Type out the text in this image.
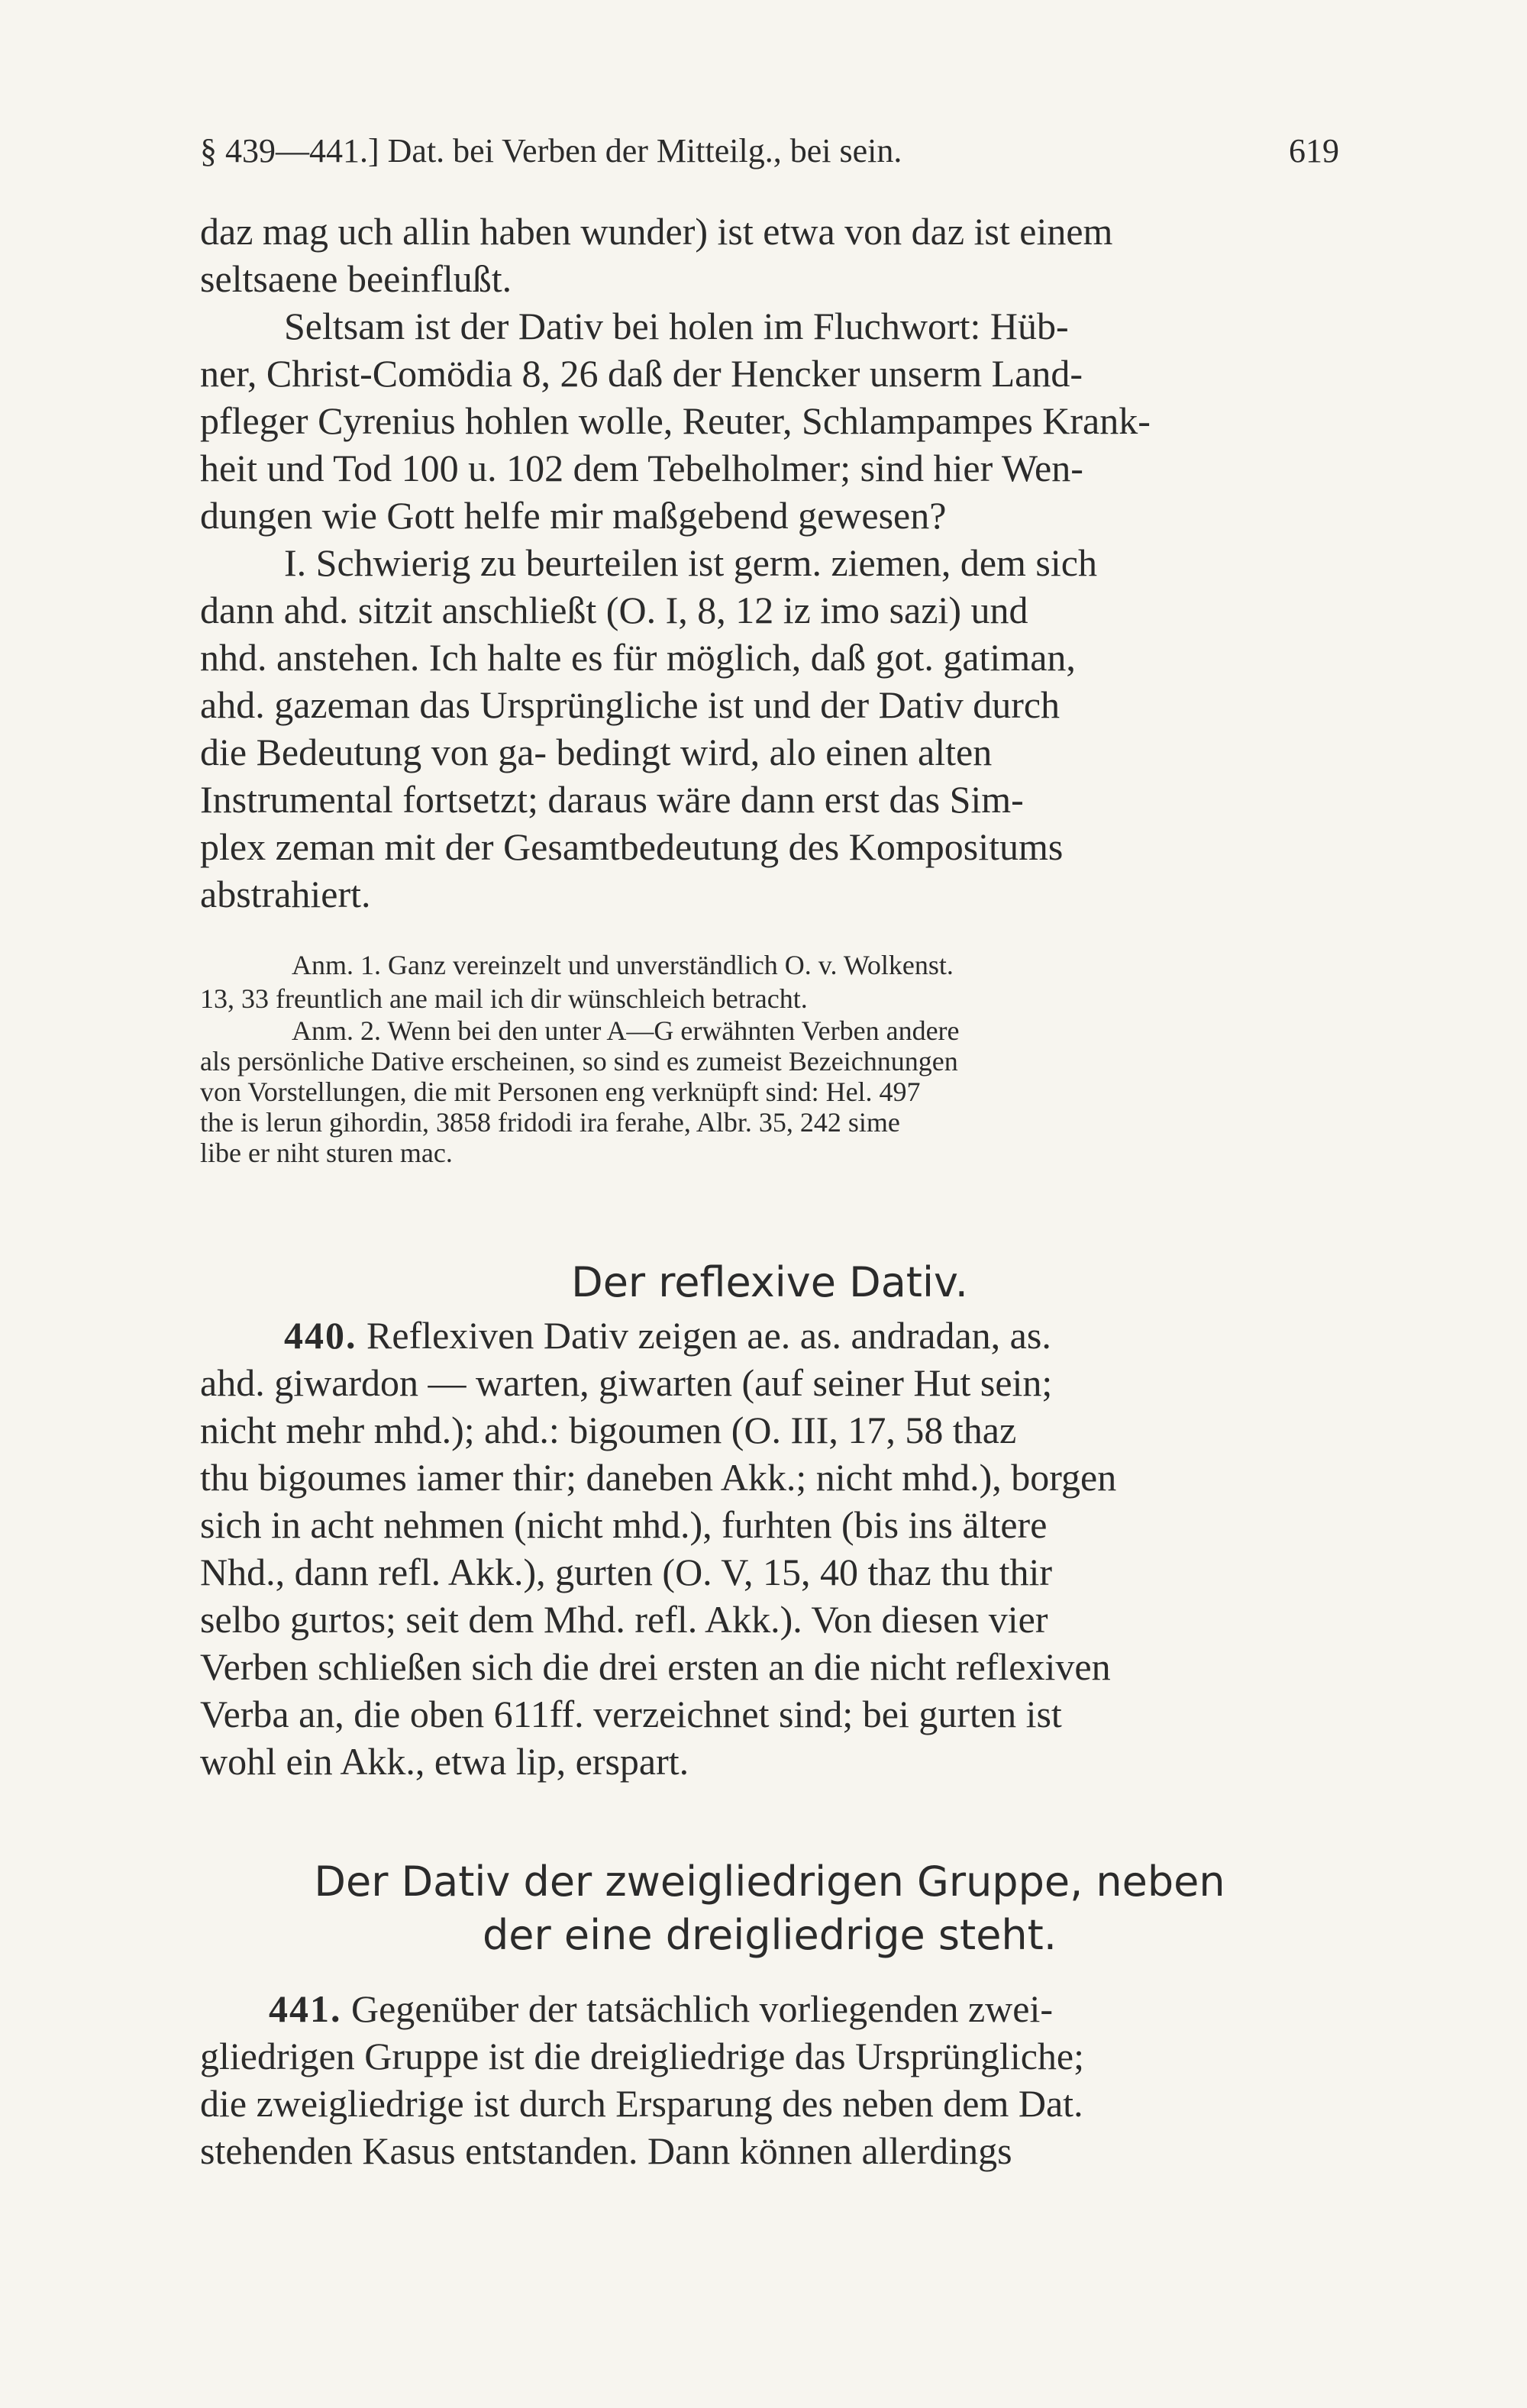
§ 439—441.] Dat. bei Verben der Mitteilg., bei sein.	619
daz mag uch allin haben wunder) ist etwa von daz ist einem
seltsaene beeinflußt.
Seltsam ist der Dativ bei holen im Fluchwort: Hüb-
ner, Christ-Comödia 8, 26 daß der Hencker unserm Land-
pfleger Cyrenius hohlen wolle, Reuter, Schlampampes Krank-
heit und Tod 100 u. 102 dem Tebelholmer; sind hier Wen-
dungen wie Gott helfe mir maßgebend gewesen?
I. Schwierig zu beurteilen ist germ. ziemen, dem sich
dann ahd. sitzit anschließt (O. I, 8, 12 iz imo sazi) und
nhd. anstehen. Ich halte es für möglich, daß got. gatiman,
ahd. gazeman das Ursprüngliche ist und der Dativ durch
die Bedeutung von ga- bedingt wird, alo einen alten
Instrumental fortsetzt; daraus wäre dann erst das Sim-
plex zeman mit der Gesamtbedeutung des Kompositums
abstrahiert.
Anm. 1. Ganz vereinzelt und unverständlich O. v. Wolkenst.
13, 33 freuntlich ane mail ich dir wünschleich betracht.
Anm. 2. Wenn bei den unter A—G erwähnten Verben andere
als persönliche Dative erscheinen, so sind es zumeist Bezeichnungen
von Vorstellungen, die mit Personen eng verknüpft sind: Hel. 497
the is lerun gihordin, 3858 fridodi ira ferahe, Albr. 35, 242 sime
libe er niht sturen mac.
Der reflexive Dativ.
440. Reflexiven Dativ zeigen ae. as. andradan, as.
ahd. giwardon — warten, giwarten (auf seiner Hut sein;
nicht mehr mhd.); ahd.: bigoumen (O. III, 17, 58 thaz
thu bigoumes iamer thir; daneben Akk.; nicht mhd.), borgen
sich in acht nehmen (nicht mhd.), furhten (bis ins ältere
Nhd., dann refl. Akk.), gurten (O. V, 15, 40 thaz thu thir
selbo gurtos; seit dem Mhd. refl. Akk.). Von diesen vier
Verben schließen sich die drei ersten an die nicht reflexiven
Verba an, die oben 611ff. verzeichnet sind; bei gurten ist
wohl ein Akk., etwa lip, erspart.
Der Dativ der zweigliedrigen Gruppe, neben
der eine dreigliedrige steht.
441. Gegenüber der tatsächlich vorliegenden zwei-
gliedrigen Gruppe ist die dreigliedrige das Ursprüngliche;
die zweigliedrige ist durch Ersparung des neben dem Dat.
stehenden Kasus entstanden. Dann können allerdings
